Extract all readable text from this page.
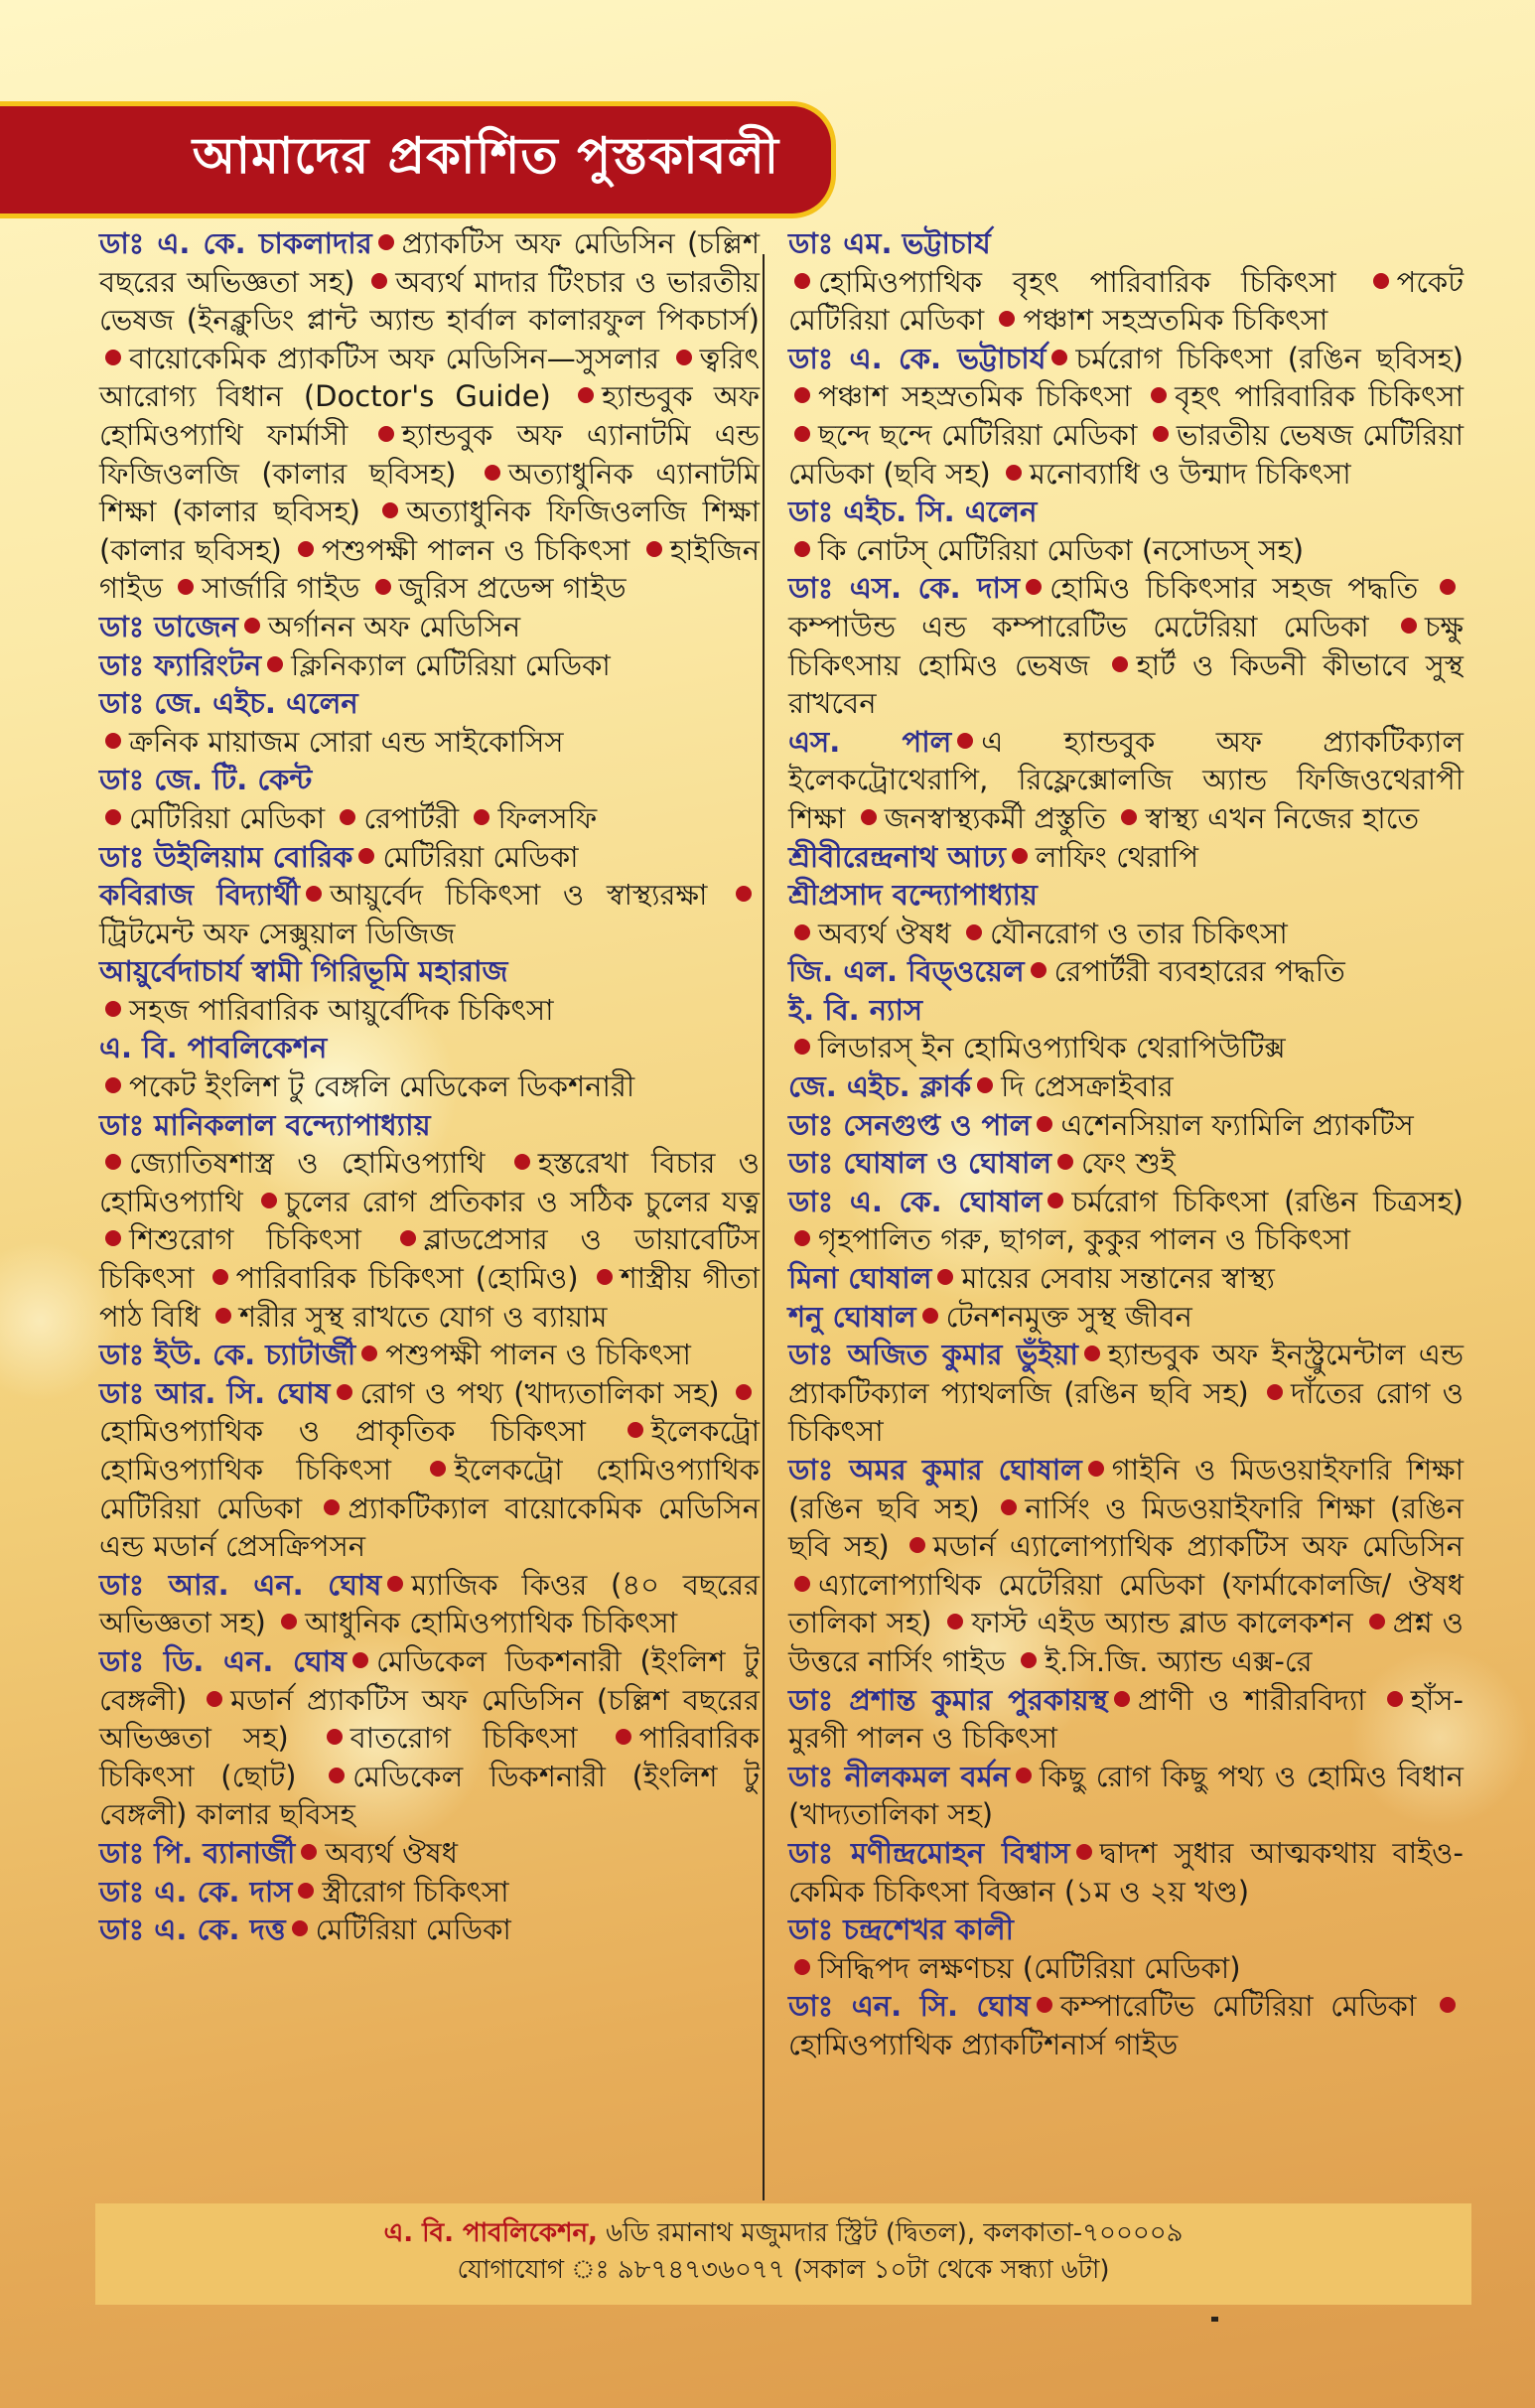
আমাদের প্রকাশিত পুস্তকাবলী

ডাঃ এ. কে. চাকলাদার প্র্যাকটিস অফ মেডিসিন (চল্লিশ বছরের অভিজ্ঞতা সহ) অব্যর্থ মাদার টিংচার ও ভারতীয় ভেষজ (ইনক্লুডিং প্লান্ট অ্যান্ড হার্বাল কালারফুল পিকচার্স) বায়োকেমিক প্র্যাকটিস অফ মেডিসিন—সুসলার ত্বরিৎ আরোগ্য বিধান (Doctor's Guide) হ্যান্ডবুক অফ হোমিওপ্যাথি ফার্মাসী হ্যান্ডবুক অফ এ্যানাটমি এন্ড ফিজিওলজি (কালার ছবিসহ) অত্যাধুনিক এ্যানাটমি শিক্ষা (কালার ছবিসহ) অত্যাধুনিক ফিজিওলজি শিক্ষা (কালার ছবিসহ) পশুপক্ষী পালন ও চিকিৎসা হাইজিন গাইড সার্জারি গাইড জুরিস প্রডেন্স গাইড

ডাঃ ডাজেন অর্গানন অফ মেডিসিন

ডাঃ ফ্যারিংটন ক্লিনিক্যাল মেটিরিয়া মেডিকা

ডাঃ জে. এইচ. এলেন
ক্রনিক মায়াজম সোরা এন্ড সাইকোসিস

ডাঃ জে. টি. কেন্ট
মেটিরিয়া মেডিকা রেপার্টরী ফিলসফি

ডাঃ উইলিয়াম বোরিক মেটিরিয়া মেডিকা

কবিরাজ বিদ্যার্থী আয়ুর্বেদ চিকিৎসা ও স্বাস্থ্যরক্ষা ট্রিটমেন্ট অফ সেক্সুয়াল ডিজিজ

আয়ুর্বেদাচার্য স্বামী গিরিভূমি মহারাজ
সহজ পারিবারিক আয়ুর্বেদিক চিকিৎসা

এ. বি. পাবলিকেশন
পকেট ইংলিশ টু বেঙ্গলি মেডিকেল ডিকশনারী

ডাঃ মানিকলাল বন্দ্যোপাধ্যায়
জ্যোতিষশাস্ত্র ও হোমিওপ্যাথি হস্তরেখা বিচার ও হোমিওপ্যাথি চুলের রোগ প্রতিকার ও সঠিক চুলের যত্ন শিশুরোগ চিকিৎসা ব্লাডপ্রেসার ও ডায়াবেটিস চিকিৎসা পারিবারিক চিকিৎসা (হোমিও) শাস্ত্রীয় গীতা পাঠ বিধি শরীর সুস্থ রাখতে যোগ ও ব্যায়াম

ডাঃ ইউ. কে. চ্যাটার্জী পশুপক্ষী পালন ও চিকিৎসা

ডাঃ আর. সি. ঘোষ রোগ ও পথ্য (খাদ্যতালিকা সহ) হোমিওপ্যাথিক ও প্রাকৃতিক চিকিৎসা ইলেকট্রো হোমিওপ্যাথিক চিকিৎসা ইলেকট্রো হোমিওপ্যাথিক মেটিরিয়া মেডিকা প্র্যাকটিক্যাল বায়োকেমিক মেডিসিন এন্ড মডার্ন প্রেসক্রিপসন

ডাঃ আর. এন. ঘোষ ম্যাজিক কিওর (৪০ বছরের অভিজ্ঞতা সহ) আধুনিক হোমিওপ্যাথিক চিকিৎসা

ডাঃ ডি. এন. ঘোষ মেডিকেল ডিকশনারী (ইংলিশ টু বেঙ্গলী) মডার্ন প্র্যাকটিস অফ মেডিসিন (চল্লিশ বছরের অভিজ্ঞতা সহ) বাতরোগ চিকিৎসা পারিবারিক চিকিৎসা (ছোট) মেডিকেল ডিকশনারী (ইংলিশ টু বেঙ্গলী) কালার ছবিসহ

ডাঃ পি. ব্যানার্জী অব্যর্থ ঔষধ

ডাঃ এ. কে. দাস স্ত্রীরোগ চিকিৎসা

ডাঃ এ. কে. দত্ত মেটিরিয়া মেডিকা

ডাঃ এম. ভট্টাচার্য
হোমিওপ্যাথিক বৃহৎ পারিবারিক চিকিৎসা পকেট মেটিরিয়া মেডিকা পঞ্চাশ সহস্রতমিক চিকিৎসা

ডাঃ এ. কে. ভট্টাচার্য চর্মরোগ চিকিৎসা (রঙিন ছবিসহ) পঞ্চাশ সহস্রতমিক চিকিৎসা বৃহৎ পারিবারিক চিকিৎসা ছন্দে ছন্দে মেটিরিয়া মেডিকা ভারতীয় ভেষজ মেটিরিয়া মেডিকা (ছবি সহ) মনোব্যাধি ও উন্মাদ চিকিৎসা

ডাঃ এইচ. সি. এলেন
কি নোটস্ মেটিরিয়া মেডিকা (নসোডস্ সহ)

ডাঃ এস. কে. দাস হোমিও চিকিৎসার সহজ পদ্ধতি কম্পাউন্ড এন্ড কম্পারেটিভ মেটেরিয়া মেডিকা চক্ষু চিকিৎসায় হোমিও ভেষজ হার্ট ও কিডনী কীভাবে সুস্থ রাখবেন

এস. পাল এ হ্যান্ডবুক অফ প্র্যাকটিক্যাল ইলেকট্রোথেরাপি, রিফ্লেক্সোলজি অ্যান্ড ফিজিওথেরাপী শিক্ষা জনস্বাস্থ্যকর্মী প্রস্তুতি স্বাস্থ্য এখন নিজের হাতে

শ্রীবীরেন্দ্রনাথ আঢ্য লাফিং থেরাপি

শ্রীপ্রসাদ বন্দ্যোপাধ্যায়
অব্যর্থ ঔষধ যৌনরোগ ও তার চিকিৎসা

জি. এল. বিড্ওয়েল রেপার্টরী ব্যবহারের পদ্ধতি

ই. বি. ন্যাস
লিডারস্ ইন হোমিওপ্যাথিক থেরাপিউটিক্স

জে. এইচ. ক্লার্ক দি প্রেসক্রাইবার

ডাঃ সেনগুপ্ত ও পাল এশেনসিয়াল ফ্যামিলি প্র্যাকটিস

ডাঃ ঘোষাল ও ঘোষাল ফেং শুই

ডাঃ এ. কে. ঘোষাল চর্মরোগ চিকিৎসা (রঙিন চিত্রসহ) গৃহপালিত গরু, ছাগল, কুকুর পালন ও চিকিৎসা

মিনা ঘোষাল মায়ের সেবায় সন্তানের স্বাস্থ্য

শনু ঘোষাল টেনশনমুক্ত সুস্থ জীবন

ডাঃ অজিত কুমার ভুঁইয়া হ্যান্ডবুক অফ ইনস্ট্রুমেন্টাল এন্ড প্র্যাকটিক্যাল প্যাথলজি (রঙিন ছবি সহ) দাঁতের রোগ ও চিকিৎসা

ডাঃ অমর কুমার ঘোষাল গাইনি ও মিডওয়াইফারি শিক্ষা (রঙিন ছবি সহ) নার্সিং ও মিডওয়াইফারি শিক্ষা (রঙিন ছবি সহ) মডার্ন এ্যালোপ্যাথিক প্র্যাকটিস অফ মেডিসিন এ্যালোপ্যাথিক মেটেরিয়া মেডিকা (ফার্মাকোলজি/ ঔষধ তালিকা সহ) ফাস্ট এইড অ্যান্ড ব্লাড কালেকশন প্রশ্ন ও উত্তরে নার্সিং গাইড ই.সি.জি. অ্যান্ড এক্স-রে

ডাঃ প্রশান্ত কুমার পুরকায়স্থ প্রাণী ও শারীরবিদ্যা হাঁস-মুরগী পালন ও চিকিৎসা

ডাঃ নীলকমল বর্মন কিছু রোগ কিছু পথ্য ও হোমিও বিধান (খাদ্যতালিকা সহ)

ডাঃ মণীন্দ্রমোহন বিশ্বাস দ্বাদশ সুধার আত্মকথায় বাইও-কেমিক চিকিৎসা বিজ্ঞান (১ম ও ২য় খণ্ড)

ডাঃ চন্দ্রশেখর কালী
সিদ্ধিপদ লক্ষণচয় (মেটিরিয়া মেডিকা)

ডাঃ এন. সি. ঘোষ কম্পারেটিভ মেটিরিয়া মেডিকা হোমিওপ্যাথিক প্র্যাকটিশনার্স গাইড

এ. বি. পাবলিকেশন, ৬ডি রমানাথ মজুমদার স্ট্রিট (দ্বিতল), কলকাতা-৭০০০০৯
যোগাযোগ ঃ ৯৮৭৪৭৩৬০৭৭ (সকাল ১০টা থেকে সন্ধ্যা ৬টা)
